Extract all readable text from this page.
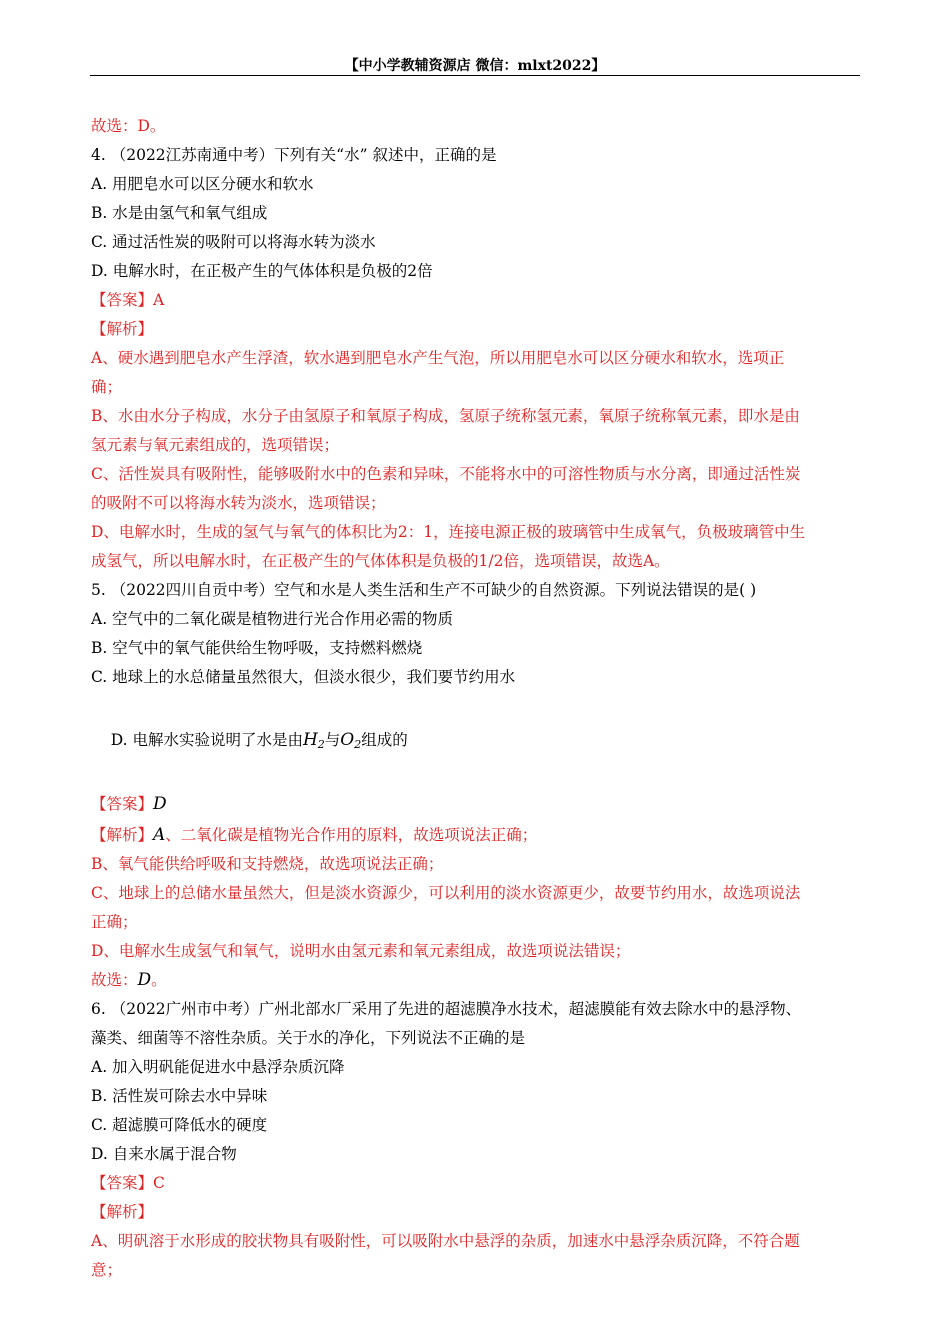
【中小学教辅资源店 微信：mlxt2022】
故选：D。
4. （2022江苏南通中考）下列有关“水” 叙述中，正确的是
A. 用肥皂水可以区分硬水和软水
B. 水是由氢气和氧气组成
C. 通过活性炭的吸附可以将海水转为淡水
D. 电解水时，在正极产生的气体体积是负极的2倍
【答案】A
【解析】
A、硬水遇到肥皂水产生浮渣，软水遇到肥皂水产生气泡，所以用肥皂水可以区分硬水和软水，选项正
确；
B、水由水分子构成，水分子由氢原子和氧原子构成，氢原子统称氢元素，氧原子统称氧元素，即水是由
氢元素与氧元素组成的，选项错误；
C、活性炭具有吸附性，能够吸附水中的色素和异味，不能将水中的可溶性物质与水分离，即通过活性炭
的吸附不可以将海水转为淡水，选项错误；
D、电解水时，生成的氢气与氧气的体积比为2：1，连接电源正极的玻璃管中生成氧气，负极玻璃管中生
成氢气，所以电解水时，在正极产生的气体体积是负极的1/2倍，选项错误，故选A。
5. （2022四川自贡中考）空气和水是人类生活和生产不可缺少的自然资源。下列说法错误的是( )
A. 空气中的二氧化碳是植物进行光合作用必需的物质
B. 空气中的氧气能供给生物呼吸，支持燃料燃烧
C. 地球上的水总储量虽然很大，但淡水很少，我们要节约用水

D. 电解水实验说明了水是由$H_2$与$O_2$组成的

【答案】D
【解析】A、二氧化碳是植物光合作用的原料，故选项说法正确；
B、氧气能供给呼吸和支持燃烧，故选项说法正确；
C、地球上的总储水量虽然大，但是淡水资源少，可以利用的淡水资源更少，故要节约用水，故选项说法
正确；
D、电解水生成氢气和氧气，说明水由氢元素和氧元素组成，故选项说法错误；
故选：D。
6. （2022广州市中考）广州北部水厂采用了先进的超滤膜净水技术，超滤膜能有效去除水中的悬浮物、
藻类、细菌等不溶性杂质。关于水的净化，下列说法不正确的是
A. 加入明矾能促进水中悬浮杂质沉降
B. 活性炭可除去水中异味
C. 超滤膜可降低水的硬度
D. 自来水属于混合物
【答案】C
【解析】
A、明矾溶于水形成的胶状物具有吸附性，可以吸附水中悬浮的杂质，加速水中悬浮杂质沉降，不符合题
意；
